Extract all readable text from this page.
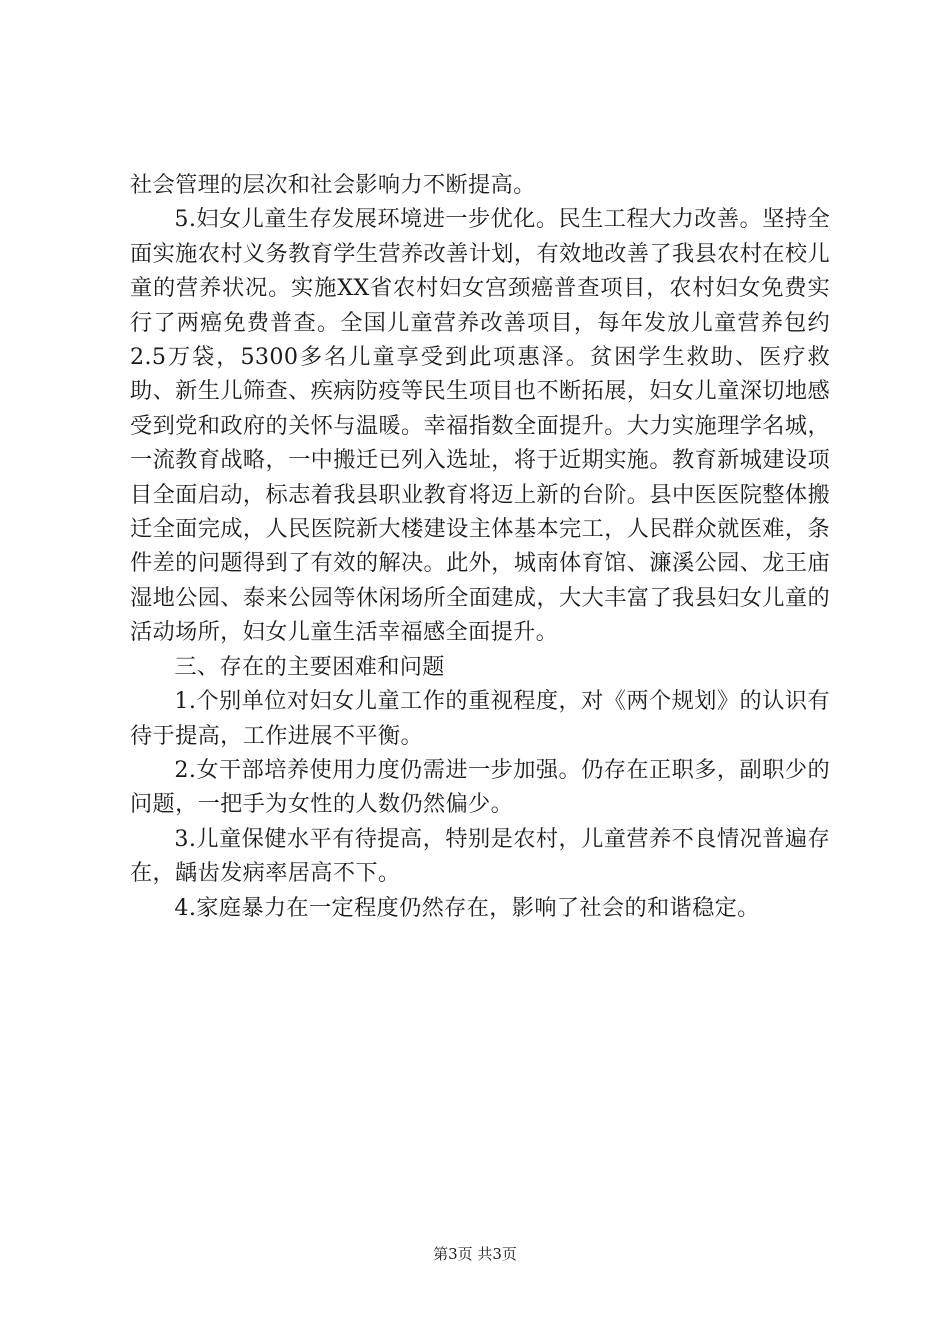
社会管理的层次和社会影响力不断提高。

5.妇女儿童生存发展环境进一步优化。民生工程大力改善。坚持全面实施农村义务教育学生营养改善计划，有效地改善了我县农村在校儿童的营养状况。实施XX省农村妇女宫颈癌普查项目，农村妇女免费实行了两癌免费普查。全国儿童营养改善项目，每年发放儿童营养包约2.5万袋，5300多名儿童享受到此项惠泽。贫困学生救助、医疗救助、新生儿筛查、疾病防疫等民生项目也不断拓展，妇女儿童深切地感受到党和政府的关怀与温暖。幸福指数全面提升。大力实施理学名城，一流教育战略，一中搬迁已列入选址，将于近期实施。教育新城建设项目全面启动，标志着我县职业教育将迈上新的台阶。县中医医院整体搬迁全面完成，人民医院新大楼建设主体基本完工，人民群众就医难，条件差的问题得到了有效的解决。此外，城南体育馆、濂溪公园、龙王庙湿地公园、泰来公园等休闲场所全面建成，大大丰富了我县妇女儿童的活动场所，妇女儿童生活幸福感全面提升。

三、存在的主要困难和问题

1.个别单位对妇女儿童工作的重视程度，对《两个规划》的认识有待于提高，工作进展不平衡。

2.女干部培养使用力度仍需进一步加强。仍存在正职多，副职少的问题，一把手为女性的人数仍然偏少。

3.儿童保健水平有待提高，特别是农村，儿童营养不良情况普遍存在，龋齿发病率居高不下。

4.家庭暴力在一定程度仍然存在，影响了社会的和谐稳定。

第3页 共3页
